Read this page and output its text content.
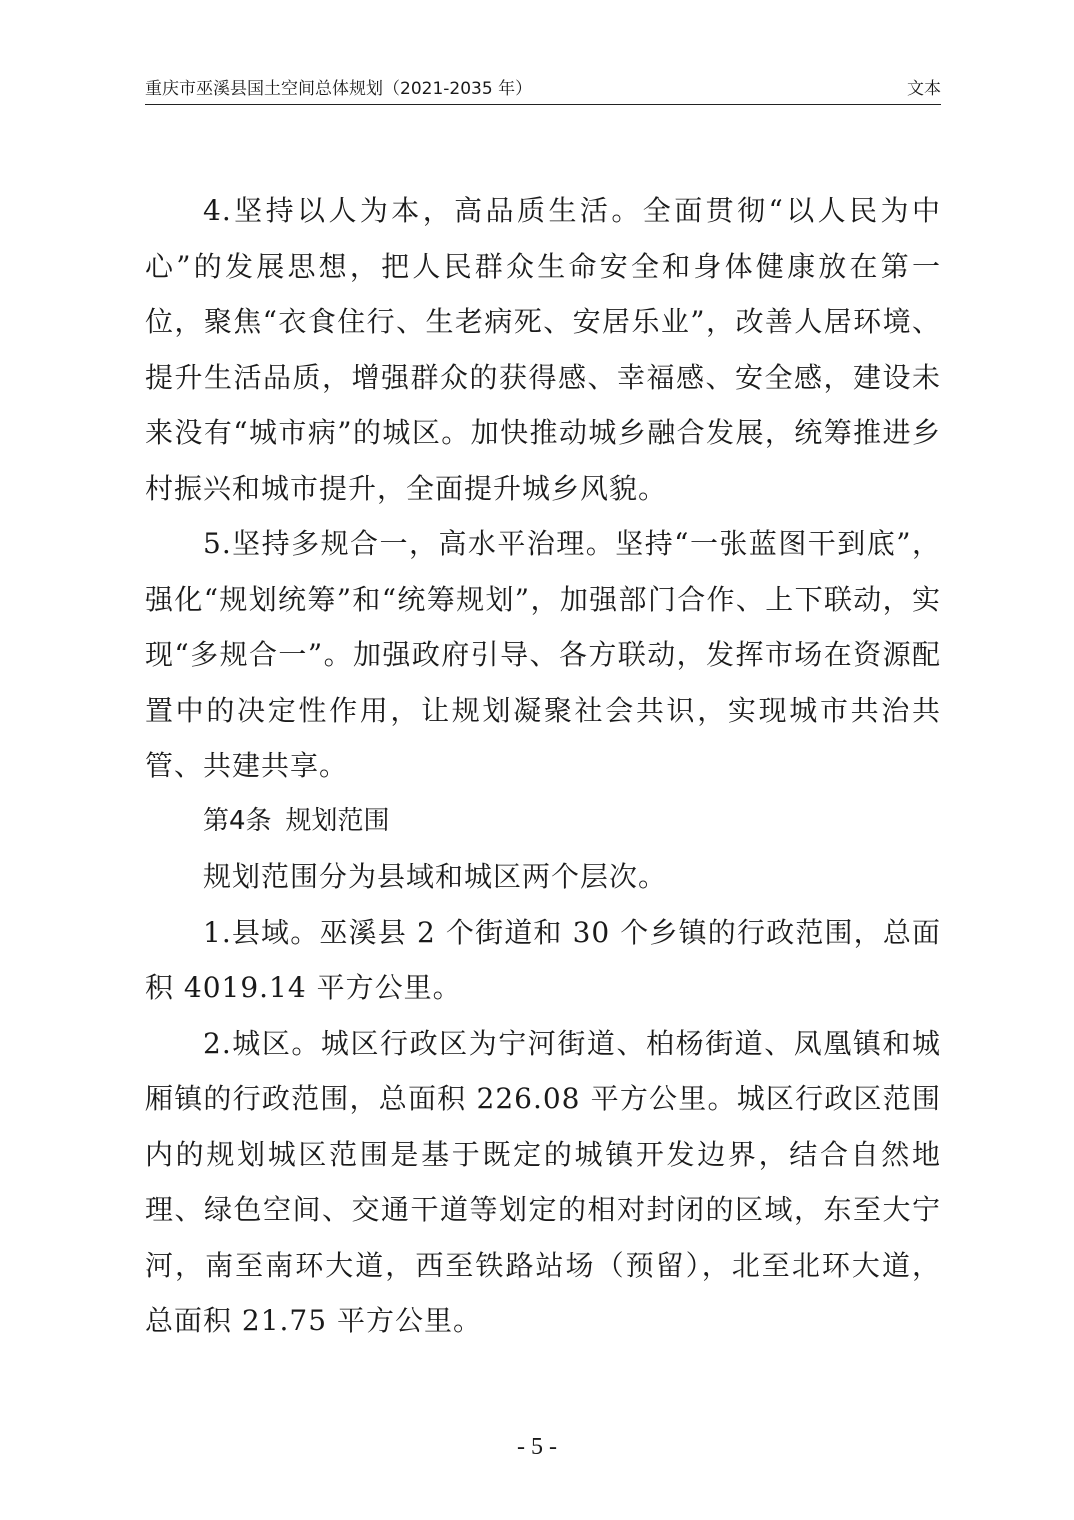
重庆市巫溪县国土空间总体规划（2021-2035 年）	文本

4.坚持以人为本，高品质生活。全面贯彻“以人民为中心”的发展思想，把人民群众生命安全和身体健康放在第一位，聚焦“衣食住行、生老病死、安居乐业”，改善人居环境、提升生活品质，增强群众的获得感、幸福感、安全感，建设未来没有“城市病”的城区。加快推动城乡融合发展，统筹推进乡村振兴和城市提升，全面提升城乡风貌。

5.坚持多规合一，高水平治理。坚持“一张蓝图干到底”，强化“规划统筹”和“统筹规划”，加强部门合作、上下联动，实现“多规合一”。加强政府引导、各方联动，发挥市场在资源配置中的决定性作用，让规划凝聚社会共识，实现城市共治共管、共建共享。

第4条 规划范围

规划范围分为县域和城区两个层次。

1.县域。巫溪县 2 个街道和 30 个乡镇的行政范围，总面积 4019.14 平方公里。

2.城区。城区行政区为宁河街道、柏杨街道、凤凰镇和城厢镇的行政范围，总面积 226.08 平方公里。城区行政区范围内的规划城区范围是基于既定的城镇开发边界，结合自然地理、绿色空间、交通干道等划定的相对封闭的区域，东至大宁河，南至南环大道，西至铁路站场（预留），北至北环大道，总面积 21.75 平方公里。

- 5 -
